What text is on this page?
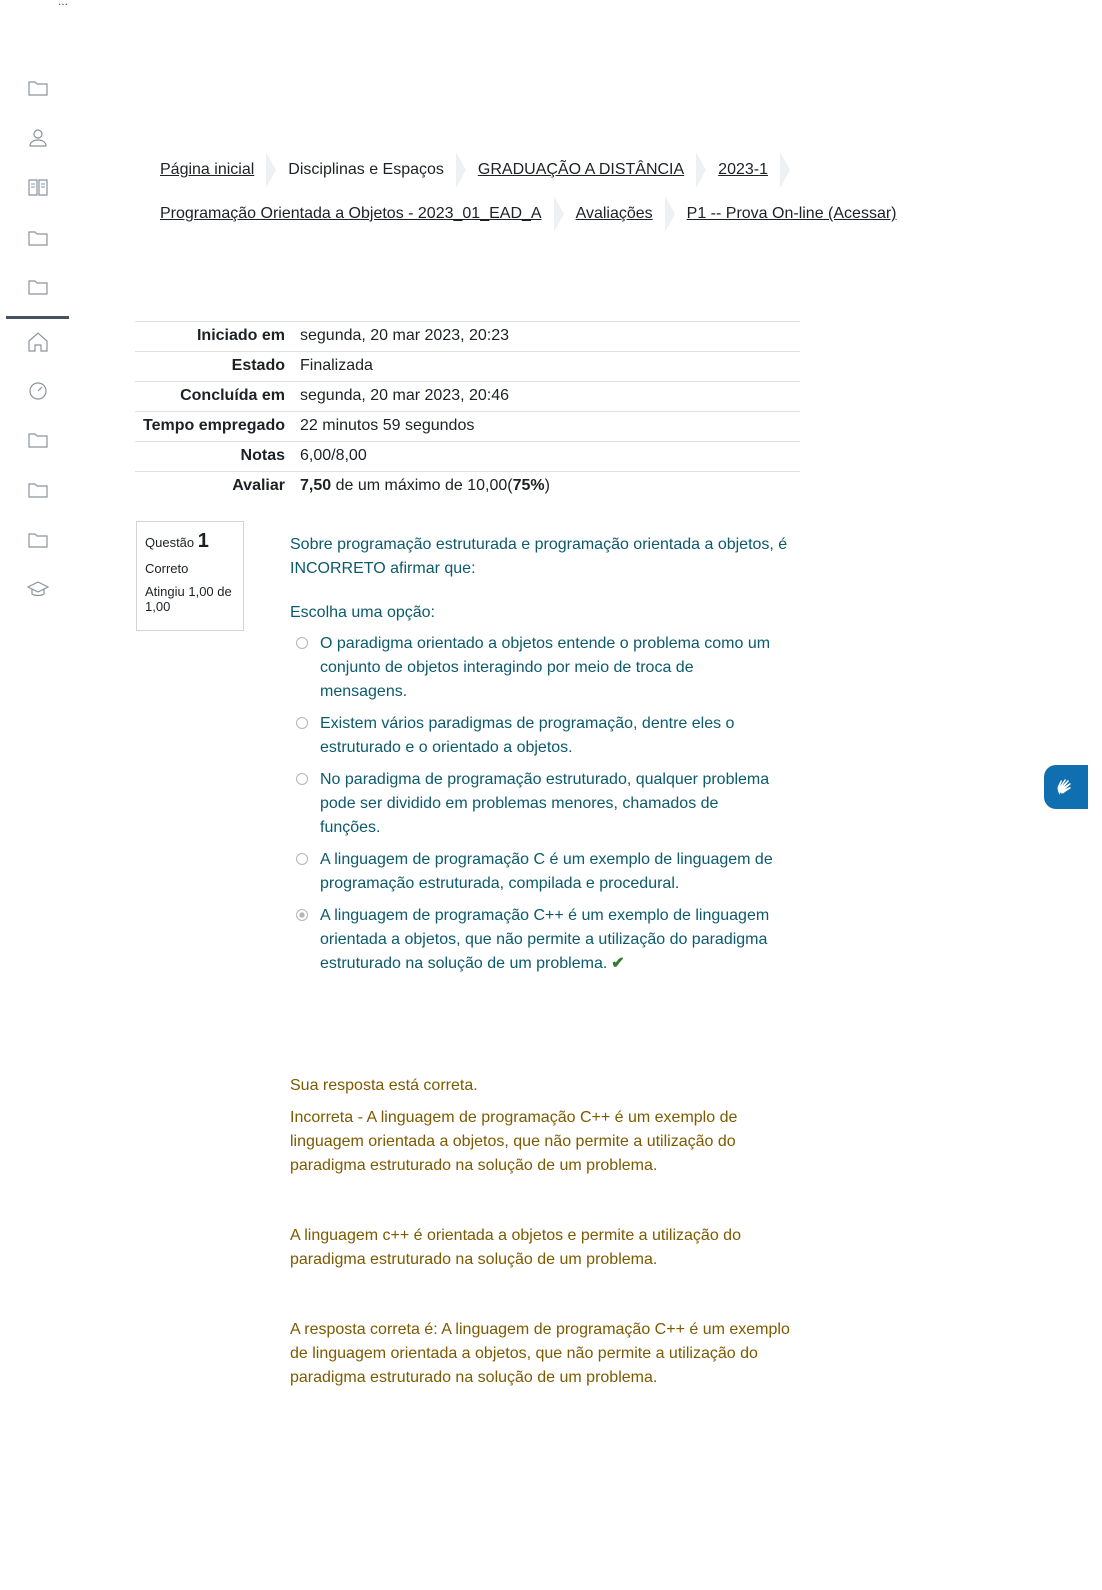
...
Página inicial	Disciplinas e Espaços	GRADUAÇÃO A DISTÂNCIA	2023-1
Programação Orientada a Objetos - 2023_01_EAD_A	Avaliações	P1 -- Prova On-line (Acessar)
Iniciado em	segunda, 20 mar 2023, 20:23
Estado	Finalizada
Concluída em	segunda, 20 mar 2023, 20:46
Tempo empregado	22 minutos 59 segundos
Notas	6,00/8,00
Avaliar	7,50 de um máximo de 10,00(75%)
Questão 1
Correto
Atingiu 1,00 de 1,00
Sobre programação estruturada e programação orientada a objetos, é INCORRETO afirmar que:
Escolha uma opção:
O paradigma orientado a objetos entende o problema como um conjunto de objetos interagindo por meio de troca de mensagens.
Existem vários paradigmas de programação, dentre eles o estruturado e o orientado a objetos.
No paradigma de programação estruturado, qualquer problema pode ser dividido em problemas menores, chamados de funções.
A linguagem de programação C é um exemplo de linguagem de programação estruturada, compilada e procedural.
A linguagem de programação C++ é um exemplo de linguagem orientada a objetos, que não permite a utilização do paradigma estruturado na solução de um problema. ✔

Sua resposta está correta.

Incorreta - A linguagem de programação C++ é um exemplo de linguagem orientada a objetos, que não permite a utilização do paradigma estruturado na solução de um problema.

A linguagem c++ é orientada a objetos e permite a utilização do paradigma estruturado na solução de um problema.

A resposta correta é: A linguagem de programação C++ é um exemplo de linguagem orientada a objetos, que não permite a utilização do paradigma estruturado na solução de um problema.
